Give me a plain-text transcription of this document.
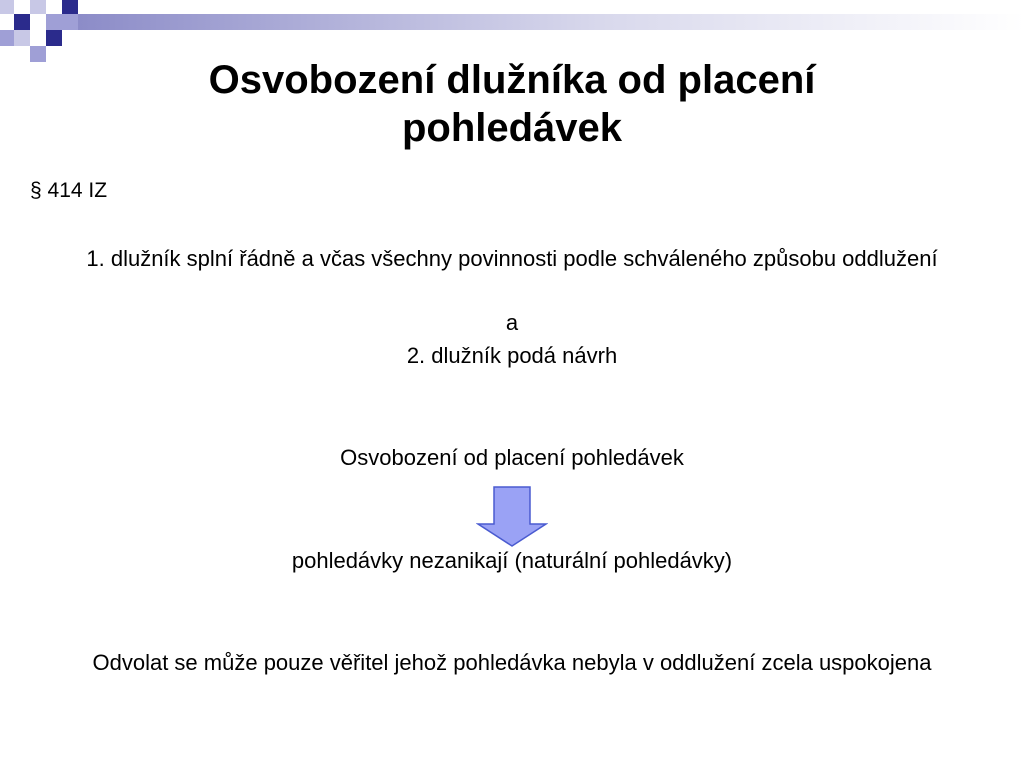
Osvobození dlužníka od placení
pohledávek
§ 414 IZ
1. dlužník splní řádně a včas všechny povinnosti podle schváleného způsobu oddlužení
a
2. dlužník podá návrh
Osvobození od placení pohledávek
pohledávky nezanikají (naturální pohledávky)
Odvolat se může pouze věřitel jehož pohledávka nebyla v oddlužení zcela uspokojena
